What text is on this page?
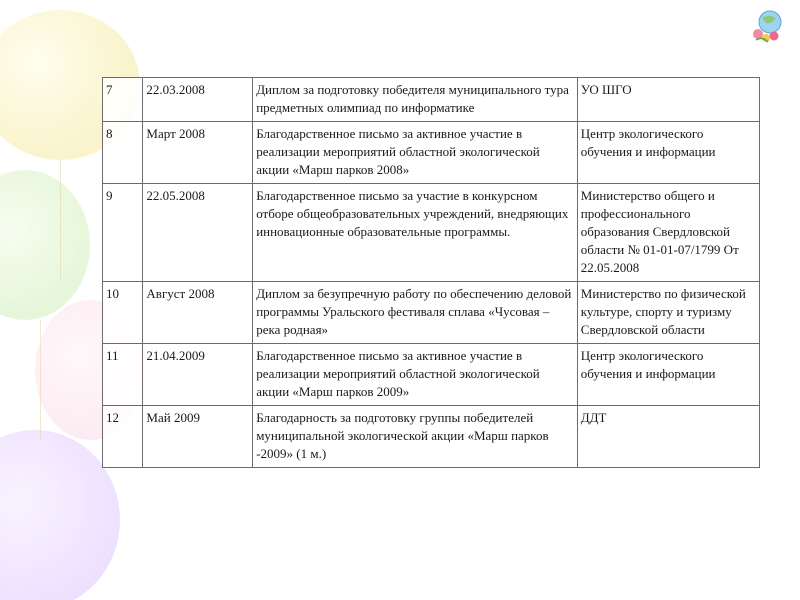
7	22.03.2008	Диплом за подготовку победителя муниципального тура предметных олимпиад по информатике	УО ШГО
8	Март 2008	Благодарственное письмо за активное участие в реализации мероприятий областной экологической акции «Марш парков 2008»	Центр экологического обучения и информации
9	22.05.2008	Благодарственное письмо за участие в конкурсном отборе общеобразовательных учреждений, внедряющих инновационные образовательные программы.	Министерство общего и профессионального образования Свердловской области № 01-01-07/1799 От 22.05.2008
10	Август 2008	Диплом за безупречную работу по обеспечению деловой программы Уральского фестиваля сплава «Чусовая – река родная»	Министерство по физической культуре, спорту и туризму Свердловской области
11	21.04.2009	Благодарственное письмо за активное участие в реализации мероприятий областной экологической акции «Марш парков 2009»	Центр экологического обучения и информации
12	Май 2009	Благодарность за подготовку группы победителей муниципальной экологической акции «Марш парков -2009» (1 м.)	ДДТ
